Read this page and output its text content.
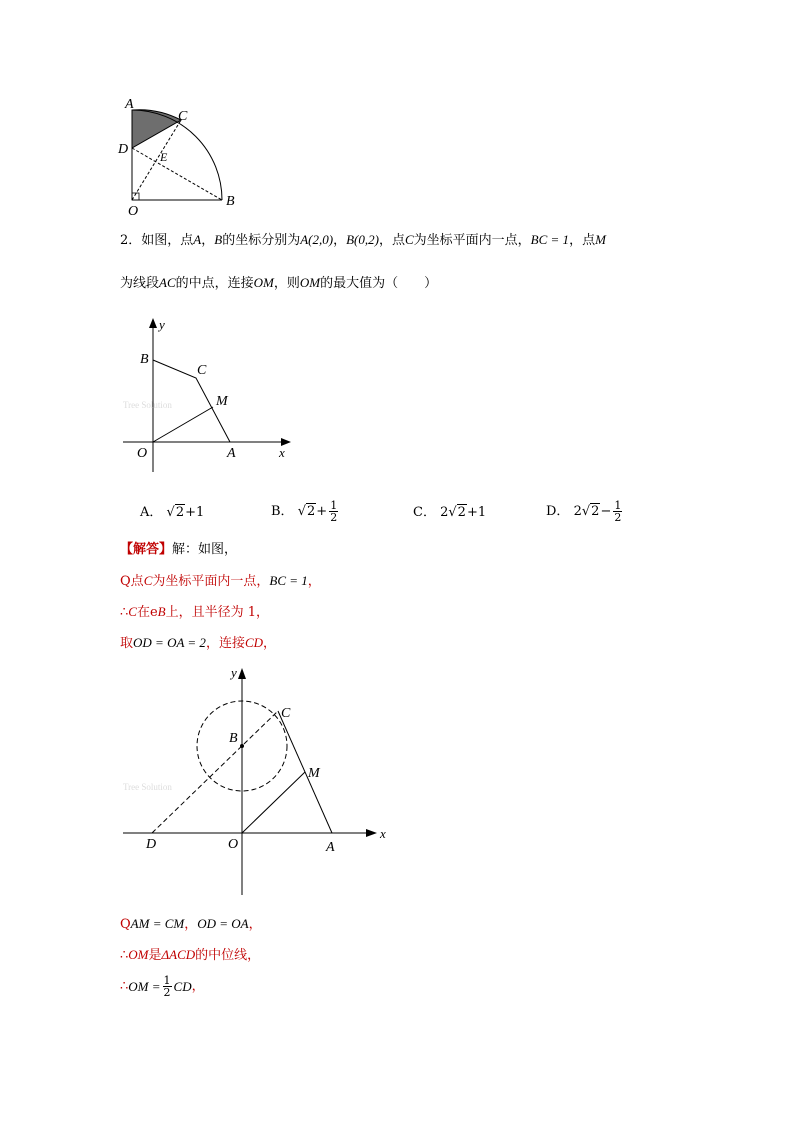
A
C
D	E
O
B
2．如图，点A，B的坐标分别为A(2,0)，B(0,2)，点C为坐标平面内一点，BC = 1，点M
为线段AC的中点，连接OM，则OM的最大值为（　　）
Tree Solution
y
B
C
M
O	A	x
A． √2+1	B． $√2+ \frac{1}{2}$	C． 2√2+1	D． $2√2- \frac{1}{2}$
【解答】解：如图，
Q点C为坐标平面内一点，BC = 1，
∴C在eB上，且半径为 1，
取OD = OA = 2，连接CD，
Tree Solution
y
C
B
M
D	O	A
x
QAM = CM，OD = OA，
∴OM是ΔACD的中位线，
∴OM = $\frac{1}{2}$ CD，
